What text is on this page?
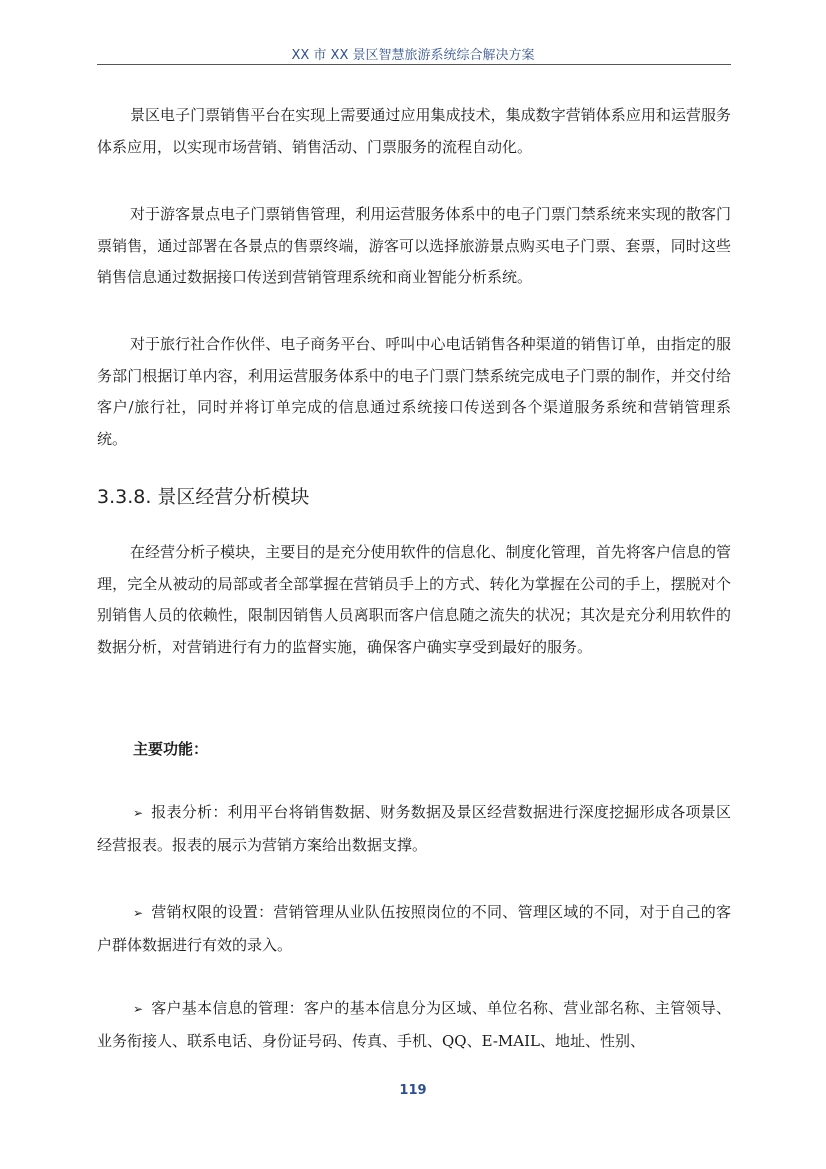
XX 市 XX 景区智慧旅游系统综合解决方案

景区电子门票销售平台在实现上需要通过应用集成技术，集成数字营销体系应用和运营服务体系应用，以实现市场营销、销售活动、门票服务的流程自动化。

对于游客景点电子门票销售管理，利用运营服务体系中的电子门票门禁系统来实现的散客门票销售，通过部署在各景点的售票终端，游客可以选择旅游景点购买电子门票、套票，同时这些销售信息通过数据接口传送到营销管理系统和商业智能分析系统。

对于旅行社合作伙伴、电子商务平台、呼叫中心电话销售各种渠道的销售订单，由指定的服务部门根据订单内容，利用运营服务体系中的电子门票门禁系统完成电子门票的制作，并交付给客户/旅行社，同时并将订单完成的信息通过系统接口传送到各个渠道服务系统和营销管理系统。

3.3.8. 景区经营分析模块

在经营分析子模块，主要目的是充分使用软件的信息化、制度化管理，首先将客户信息的管理，完全从被动的局部或者全部掌握在营销员手上的方式、转化为掌握在公司的手上，摆脱对个别销售人员的依赖性，限制因销售人员离职而客户信息随之流失的状况；其次是充分利用软件的数据分析，对营销进行有力的监督实施，确保客户确实享受到最好的服务。

主要功能：

➢ 报表分析：利用平台将销售数据、财务数据及景区经营数据进行深度挖掘形成各项景区经营报表。报表的展示为营销方案给出数据支撑。

➢ 营销权限的设置：营销管理从业队伍按照岗位的不同、管理区域的不同，对于自己的客户群体数据进行有效的录入。

➢ 客户基本信息的管理：客户的基本信息分为区域、单位名称、营业部名称、主管领导、业务衔接人、联系电话、身份证号码、传真、手机、QQ、E-MAIL、地址、性别、

119
